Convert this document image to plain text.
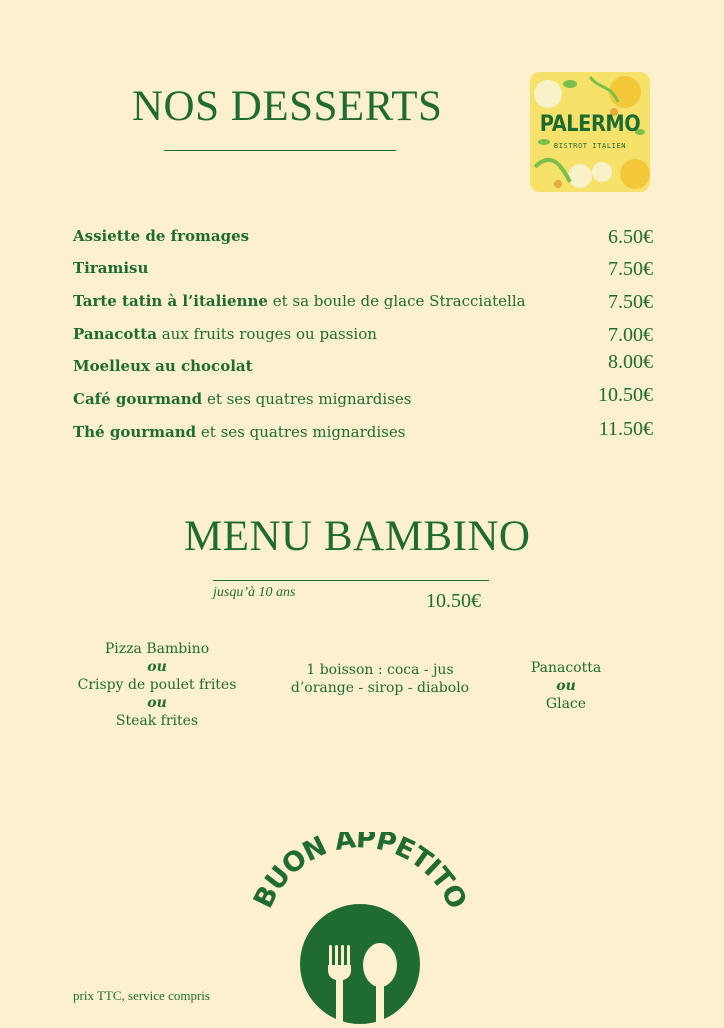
NOS DESSERTS	PALERMO
BISTROT ITALIEN
Assiette de fromages	6.50€
Tiramisu	7.50€
Tarte tatin à l’italienne et sa boule de glace Stracciatella	7.50€
Panacotta aux fruits rouges ou passion	7.00€
Moelleux au chocolat	8.00€
Café gourmand et ses quatres mignardises	10.50€
Thé gourmand et ses quatres mignardises	11.50€
MENU BAMBINO
jusqu’à 10 ans	10.50€
Pizza Bambino
ou
Crispy de poulet frites
ou
Steak frites
1 boisson : coca - jus
d’orange - sirop - diabolo
Panacotta
ou
Glace
BUON APPETITO
prix TTC, service compris
